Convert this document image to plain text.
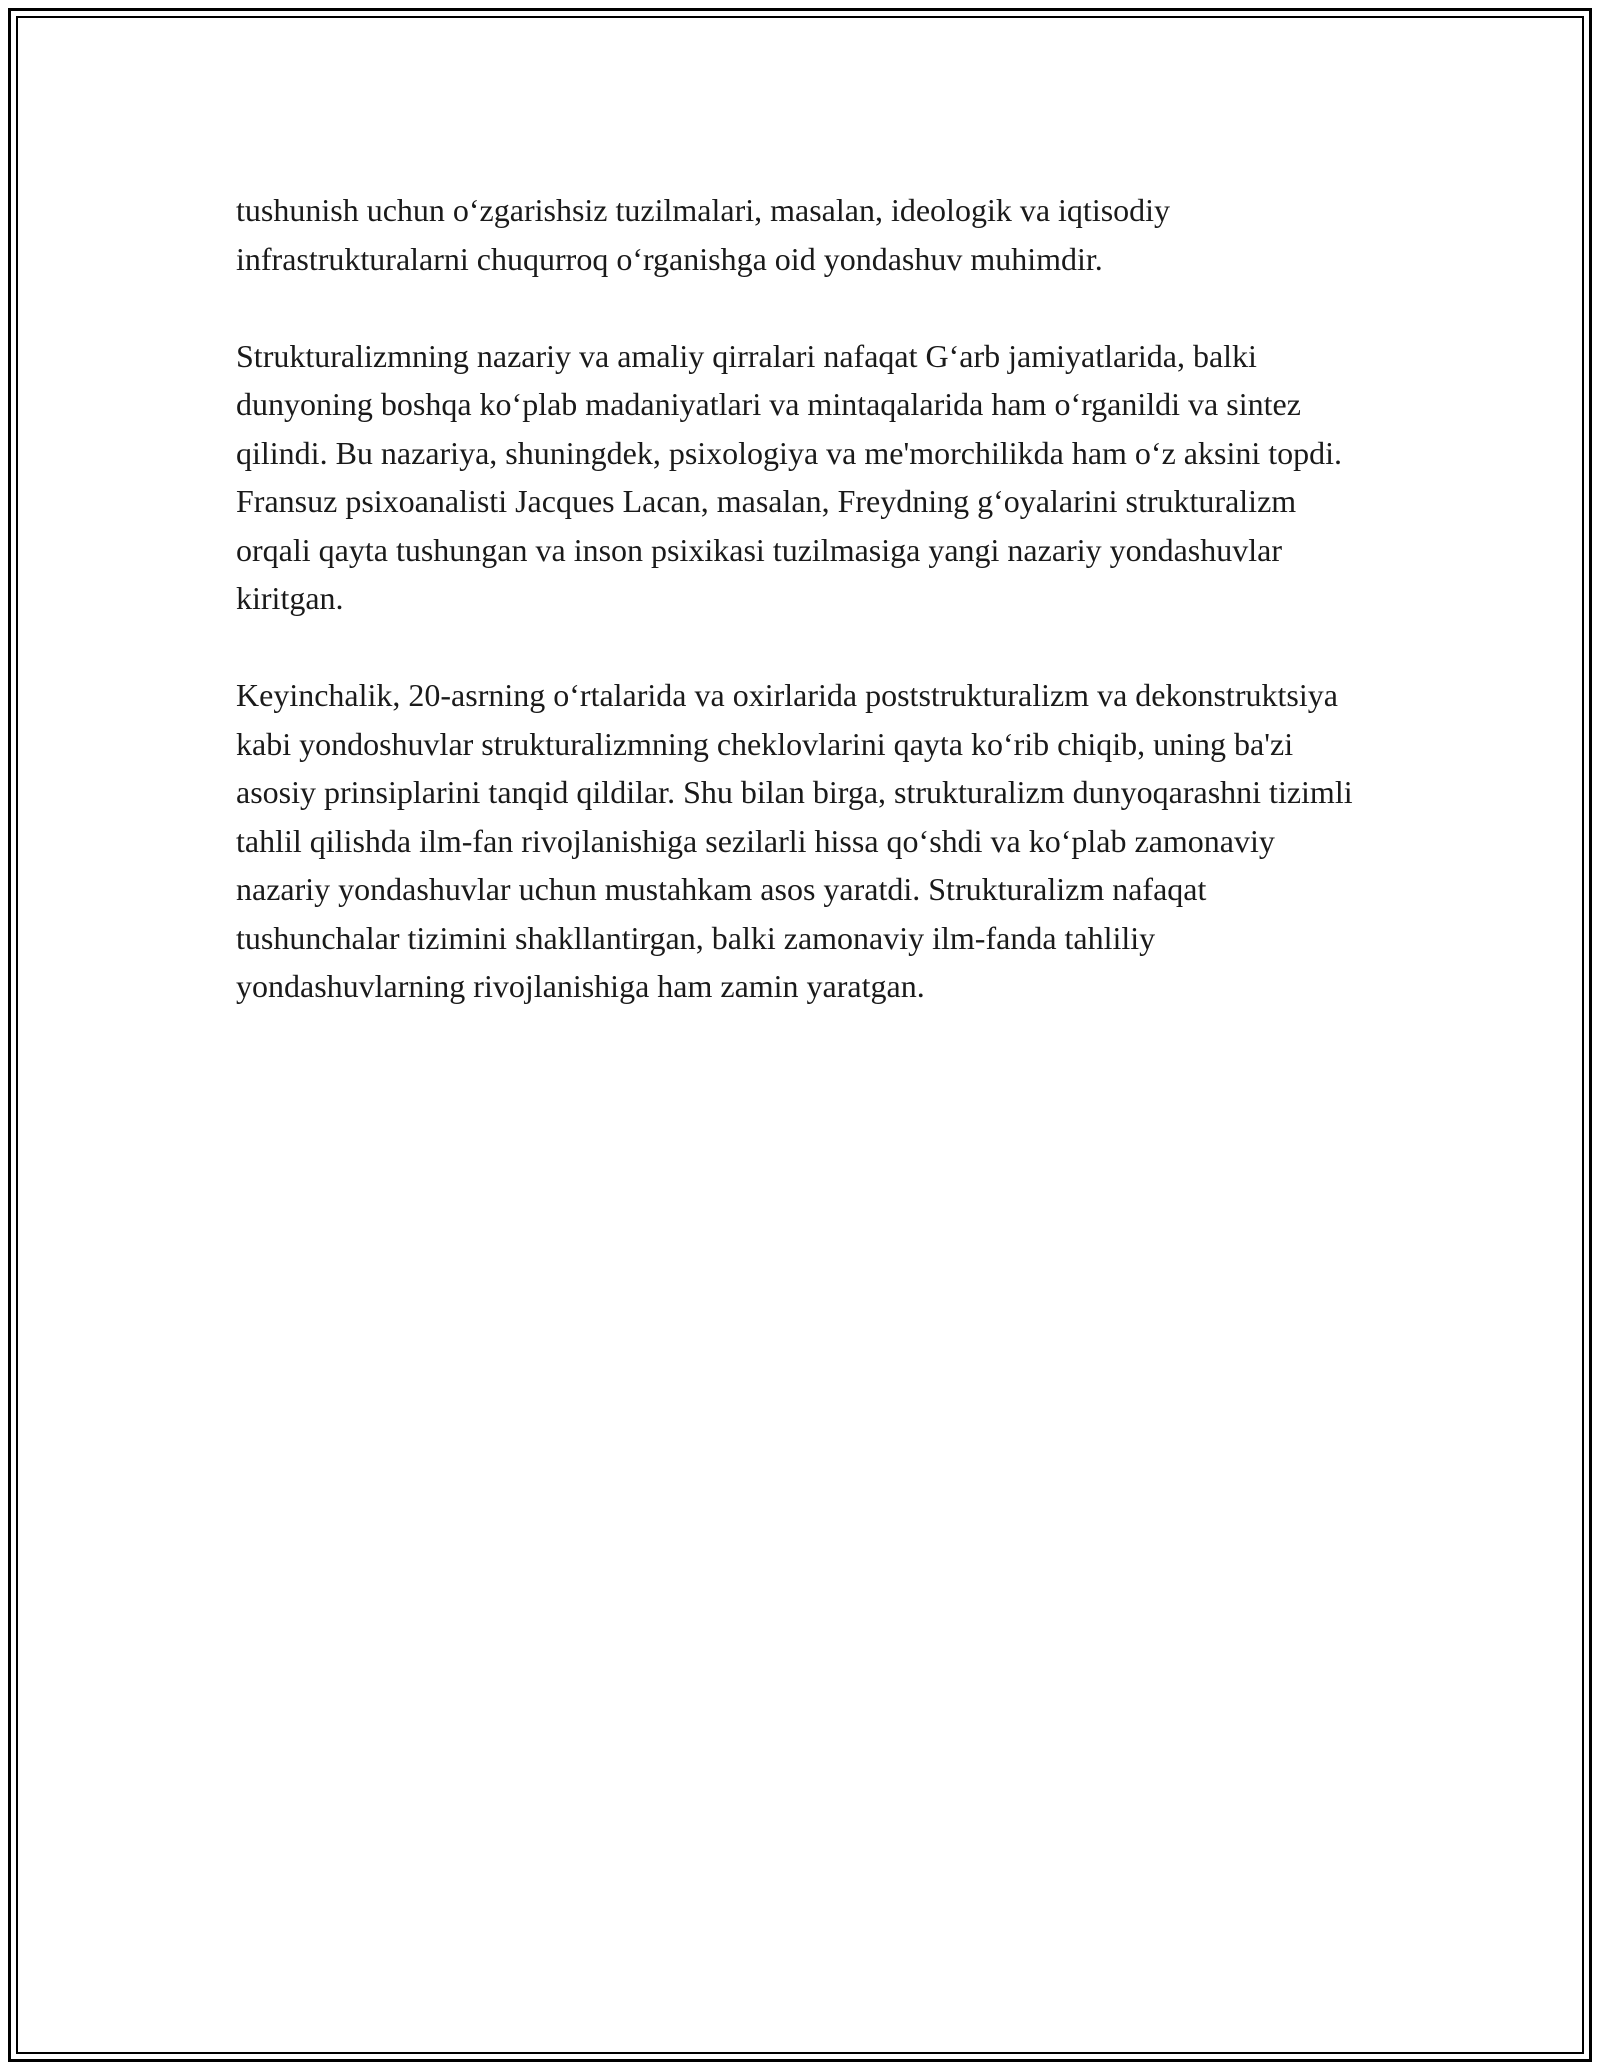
tushunish uchun o‘zgarishsiz tuzilmalari, masalan, ideologik va iqtisodiy infrastrukturalarni chuqurroq o‘rganishga oid yondashuv muhimdir.

Strukturalizmning nazariy va amaliy qirralari nafaqat G‘arb jamiyatlarida, balki dunyoning boshqa ko‘plab madaniyatlari va mintaqalarida ham o‘rganildi va sintez qilindi. Bu nazariya, shuningdek, psixologiya va me'morchilikda ham o‘z aksini topdi. Fransuz psixoanalisti Jacques Lacan, masalan, Freydning g‘oyalarini strukturalizm orqali qayta tushungan va inson psixikasi tuzilmasiga yangi nazariy yondashuvlar kiritgan.

Keyinchalik, 20-asrning o‘rtalarida va oxirlarida poststrukturalizm va dekonstruktsiya kabi yondoshuvlar strukturalizmning cheklovlarini qayta ko‘rib chiqib, uning ba'zi asosiy prinsiplarini tanqid qildilar. Shu bilan birga, strukturalizm dunyoqarashni tizimli tahlil qilishda ilm-fan rivojlanishiga sezilarli hissa qo‘shdi va ko‘plab zamonaviy nazariy yondashuvlar uchun mustahkam asos yaratdi. Strukturalizm nafaqat tushunchalar tizimini shakllantirgan, balki zamonaviy ilm-fanda tahliliy yondashuvlarning rivojlanishiga ham zamin yaratgan.
